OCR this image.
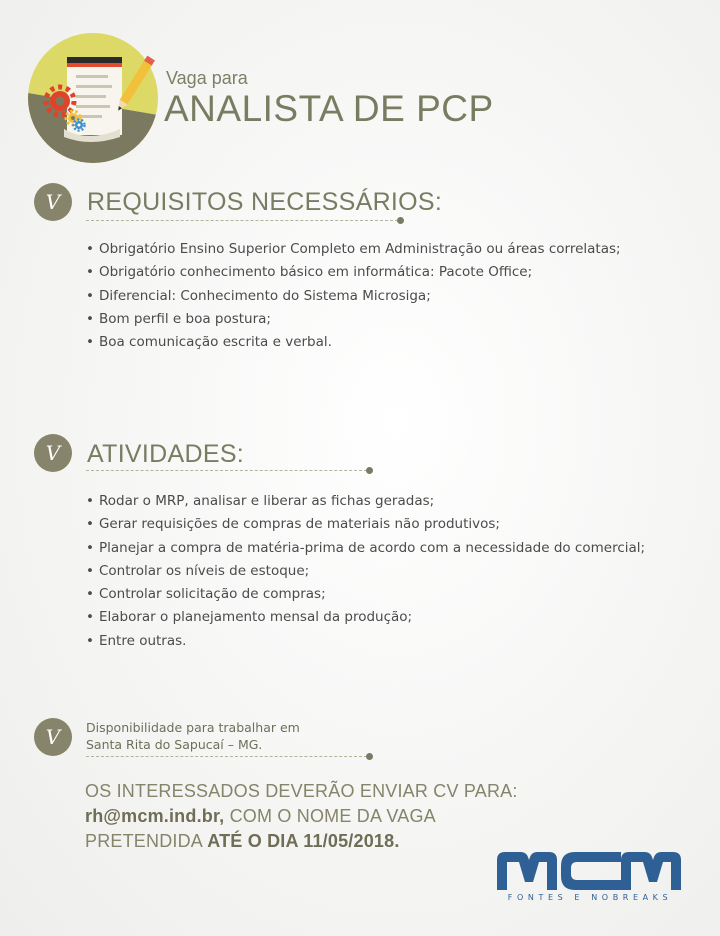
Vaga para
ANALISTA DE PCP
V	REQUISITOS NECESSÁRIOS:
• Obrigatório Ensino Superior Completo em Administração ou áreas correlatas;
• Obrigatório conhecimento básico em informática: Pacote Office;
• Diferencial: Conhecimento do Sistema Microsiga;
• Bom perfil e boa postura;
• Boa comunicação escrita e verbal.
V	ATIVIDADES:
• Rodar o MRP, analisar e liberar as fichas geradas;
• Gerar requisições de compras de materiais não produtivos;
• Planejar a compra de matéria-prima de acordo com a necessidade do comercial;
• Controlar os níveis de estoque;
• Controlar solicitação de compras;
• Elaborar o planejamento mensal da produção;
• Entre outras.
V	Disponibilidade para trabalhar em
Santa Rita do Sapucaí – MG.
OS INTERESSADOS DEVERÃO ENVIAR CV PARA:
rh@mcm.ind.br, COM O NOME DA VAGA
PRETENDIDA ATÉ O DIA 11/05/2018.
FONTES E NOBREAKS
